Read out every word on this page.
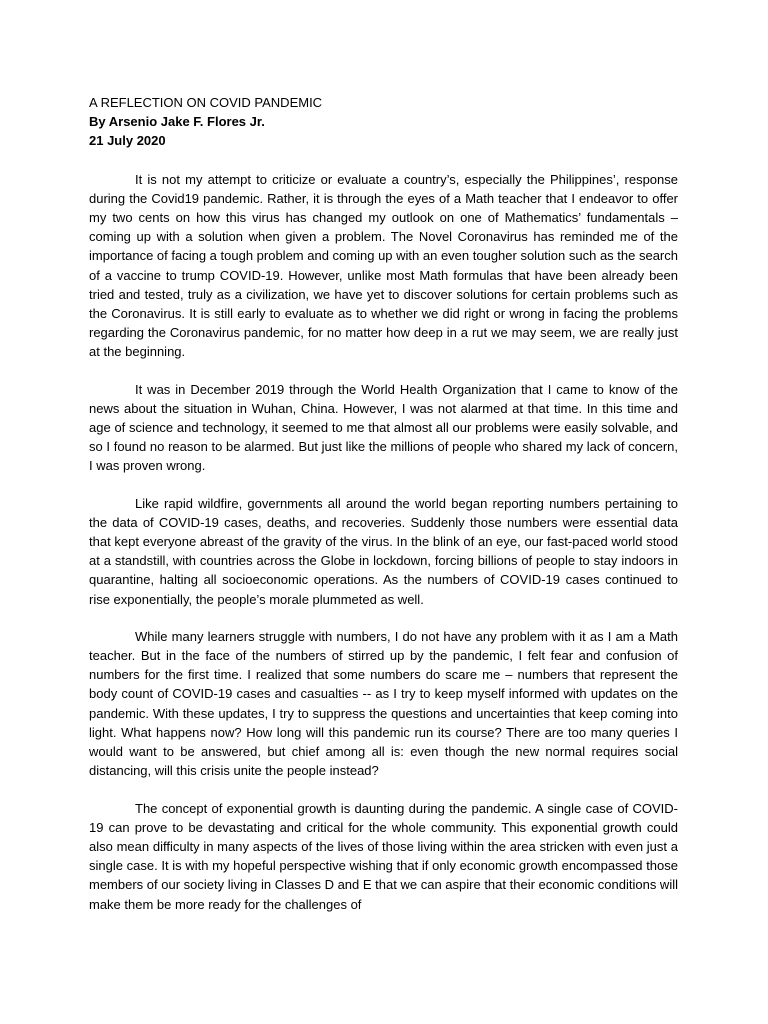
A REFLECTION ON COVID PANDEMIC
By Arsenio Jake F. Flores Jr.
21 July 2020

It is not my attempt to criticize or evaluate a country’s, especially the Philippines’, response during the Covid19 pandemic. Rather, it is through the eyes of a Math teacher that I endeavor to offer my two cents on how this virus has changed my outlook on one of Mathematics’ fundamentals – coming up with a solution when given a problem. The Novel Coronavirus has reminded me of the importance of facing a tough problem and coming up with an even tougher solution such as the search of a vaccine to trump COVID-19. However, unlike most Math formulas that have been already been tried and tested, truly as a civilization, we have yet to discover solutions for certain problems such as the Coronavirus. It is still early to evaluate as to whether we did right or wrong in facing the problems regarding the Coronavirus pandemic, for no matter how deep in a rut we may seem, we are really just at the beginning.

It was in December 2019 through the World Health Organization that I came to know of the news about the situation in Wuhan, China. However, I was not alarmed at that time. In this time and age of science and technology, it seemed to me that almost all our problems were easily solvable, and so I found no reason to be alarmed. But just like the millions of people who shared my lack of concern, I was proven wrong.

Like rapid wildfire, governments all around the world began reporting numbers pertaining to the data of COVID-19 cases, deaths, and recoveries. Suddenly those numbers were essential data that kept everyone abreast of the gravity of the virus. In the blink of an eye, our fast-paced world stood at a standstill, with countries across the Globe in lockdown, forcing billions of people to stay indoors in quarantine, halting all socioeconomic operations. As the numbers of COVID-19 cases continued to rise exponentially, the people’s morale plummeted as well.

While many learners struggle with numbers, I do not have any problem with it as I am a Math teacher. But in the face of the numbers of stirred up by the pandemic, I felt fear and confusion of numbers for the first time. I realized that some numbers do scare me – numbers that represent the body count of COVID-19 cases and casualties -- as I try to keep myself informed with updates on the pandemic. With these updates, I try to suppress the questions and uncertainties that keep coming into light. What happens now? How long will this pandemic run its course? There are too many queries I would want to be answered, but chief among all is: even though the new normal requires social distancing, will this crisis unite the people instead?

The concept of exponential growth is daunting during the pandemic. A single case of COVID-19 can prove to be devastating and critical for the whole community. This exponential growth could also mean difficulty in many aspects of the lives of those living within the area stricken with even just a single case. It is with my hopeful perspective wishing that if only economic growth encompassed those members of our society living in Classes D and E that we can aspire that their economic conditions will make them be more ready for the challenges of
